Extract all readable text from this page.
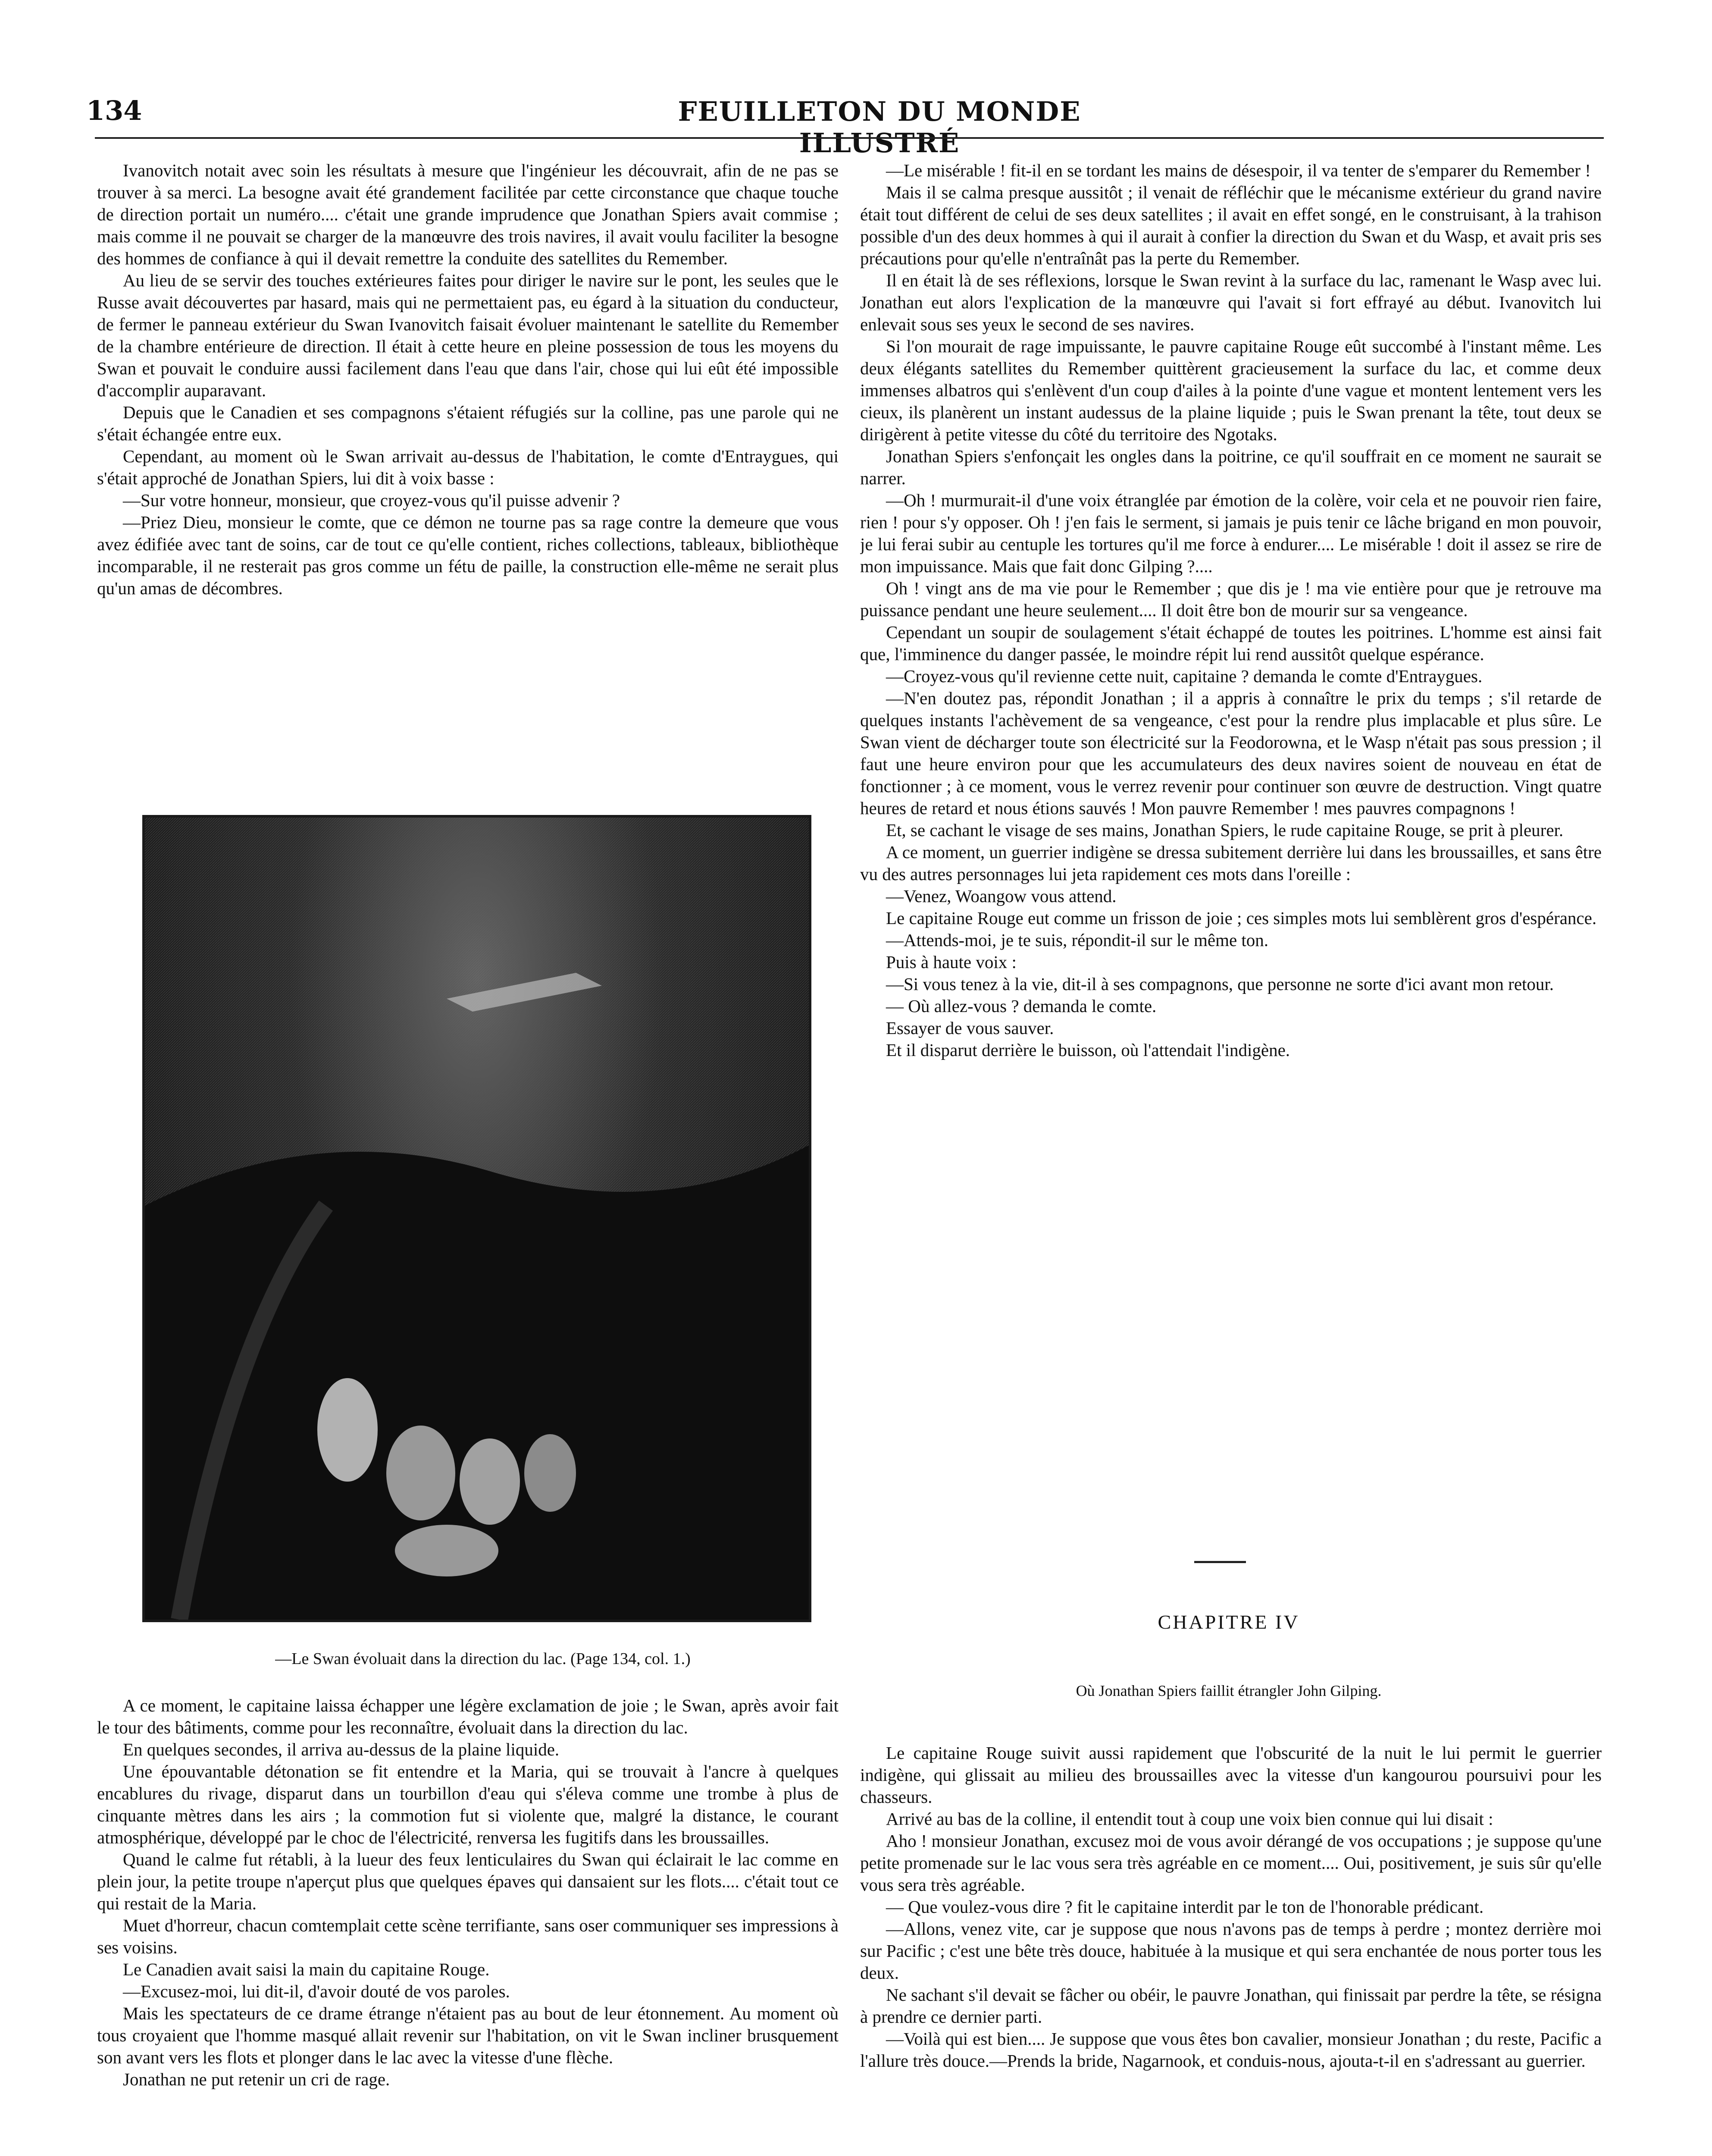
134	FEUILLETON DU MONDE ILLUSTRÉ

Ivanovitch notait avec soin les résultats à mesure que l'ingénieur les découvrait, afin de ne pas se trouver à sa merci. La besogne avait été grandement facilitée par cette circonstance que chaque touche de direction portait un numéro.... c'était une grande imprudence que Jonathan Spiers avait commise ; mais comme il ne pouvait se charger de la manœuvre des trois navires, il avait voulu faciliter la besogne des hommes de confiance à qui il devait remettre la conduite des satellites du Remember.

Au lieu de se servir des touches extérieures faites pour diriger le navire sur le pont, les seules que le Russe avait découvertes par hasard, mais qui ne permettaient pas, eu égard à la situation du conducteur, de fermer le panneau extérieur du Swan Ivanovitch faisait évoluer maintenant le satellite du Remember de la chambre entérieure de direction. Il était à cette heure en pleine possession de tous les moyens du Swan et pouvait le conduire aussi facilement dans l'eau que dans l'air, chose qui lui eût été impossible d'accomplir auparavant.

Depuis que le Canadien et ses compagnons s'étaient réfugiés sur la colline, pas une parole qui ne s'était échangée entre eux.

Cependant, au moment où le Swan arrivait au-dessus de l'habitation, le comte d'Entraygues, qui s'était approché de Jonathan Spiers, lui dit à voix basse :

—Sur votre honneur, monsieur, que croyez-vous qu'il puisse advenir ?

—Priez Dieu, monsieur le comte, que ce démon ne tourne pas sa rage contre la demeure que vous avez édifiée avec tant de soins, car de tout ce qu'elle contient, riches collections, tableaux, bibliothèque incomparable, il ne resterait pas gros comme un fétu de paille, la construction elle-même ne serait plus qu'un amas de décombres.

—Le Swan évoluait dans la direction du lac. (Page 134, col. 1.)

A ce moment, le capitaine laissa échapper une légère exclamation de joie ; le Swan, après avoir fait le tour des bâtiments, comme pour les reconnaître, évoluait dans la direction du lac.

En quelques secondes, il arriva au-dessus de la plaine liquide.

Une épouvantable détonation se fit entendre et la Maria, qui se trouvait à l'ancre à quelques encablures du rivage, disparut dans un tourbillon d'eau qui s'éleva comme une trombe à plus de cinquante mètres dans les airs ; la commotion fut si violente que, malgré la distance, le courant atmosphérique, développé par le choc de l'électricité, renversa les fugitifs dans les broussailles.

Quand le calme fut rétabli, à la lueur des feux lenticulaires du Swan qui éclairait le lac comme en plein jour, la petite troupe n'aperçut plus que quelques épaves qui dansaient sur les flots.... c'était tout ce qui restait de la Maria.

Muet d'horreur, chacun comtemplait cette scène terrifiante, sans oser communiquer ses impressions à ses voisins.

Le Canadien avait saisi la main du capitaine Rouge.

—Excusez-moi, lui dit-il, d'avoir douté de vos paroles.

Mais les spectateurs de ce drame étrange n'étaient pas au bout de leur étonnement. Au moment où tous croyaient que l'homme masqué allait revenir sur l'habitation, on vit le Swan incliner brusquement son avant vers les flots et plonger dans le lac avec la vitesse d'une flèche.

Jonathan ne put retenir un cri de rage.

—Le misérable ! fit-il en se tordant les mains de désespoir, il va tenter de s'emparer du Remember !

Mais il se calma presque aussitôt ; il venait de réfléchir que le mécanisme extérieur du grand navire était tout différent de celui de ses deux satellites ; il avait en effet songé, en le construisant, à la trahison possible d'un des deux hommes à qui il aurait à confier la direction du Swan et du Wasp, et avait pris ses précautions pour qu'elle n'entraînât pas la perte du Remember.

Il en était là de ses réflexions, lorsque le Swan revint à la surface du lac, ramenant le Wasp avec lui. Jonathan eut alors l'explication de la manœuvre qui l'avait si fort effrayé au début. Ivanovitch lui enlevait sous ses yeux le second de ses navires.

Si l'on mourait de rage impuissante, le pauvre capitaine Rouge eût succombé à l'instant même. Les deux élégants satellites du Remember quittèrent gracieusement la surface du lac, et comme deux immenses albatros qui s'enlèvent d'un coup d'ailes à la pointe d'une vague et montent lentement vers les cieux, ils planèrent un instant audessus de la plaine liquide ; puis le Swan prenant la tête, tout deux se dirigèrent à petite vitesse du côté du territoire des Ngotaks.

Jonathan Spiers s'enfonçait les ongles dans la poitrine, ce qu'il souffrait en ce moment ne saurait se narrer.

—Oh ! murmurait-il d'une voix étranglée par émotion de la colère, voir cela et ne pouvoir rien faire, rien ! pour s'y opposer. Oh ! j'en fais le serment, si jamais je puis tenir ce lâche brigand en mon pouvoir, je lui ferai subir au centuple les tortures qu'il me force à endurer.... Le misérable ! doit il assez se rire de mon impuissance. Mais que fait donc Gilping ?....

Oh ! vingt ans de ma vie pour le Remember ; que dis je ! ma vie entière pour que je retrouve ma puissance pendant une heure seulement.... Il doit être bon de mourir sur sa vengeance.

Cependant un soupir de soulagement s'était échappé de toutes les poitrines. L'homme est ainsi fait que, l'imminence du danger passée, le moindre répit lui rend aussitôt quelque espérance.

—Croyez-vous qu'il revienne cette nuit, capitaine ? demanda le comte d'Entraygues.

—N'en doutez pas, répondit Jonathan ; il a appris à connaître le prix du temps ; s'il retarde de quelques instants l'achèvement de sa vengeance, c'est pour la rendre plus implacable et plus sûre. Le Swan vient de décharger toute son électricité sur la Feodorowna, et le Wasp n'était pas sous pression ; il faut une heure environ pour que les accumulateurs des deux navires soient de nouveau en état de fonctionner ; à ce moment, vous le verrez revenir pour continuer son œuvre de destruction. Vingt quatre heures de retard et nous étions sauvés ! Mon pauvre Remember ! mes pauvres compagnons !

Et, se cachant le visage de ses mains, Jonathan Spiers, le rude capitaine Rouge, se prit à pleurer.

A ce moment, un guerrier indigène se dressa subitement derrière lui dans les broussailles, et sans être vu des autres personnages lui jeta rapidement ces mots dans l'oreille :

—Venez, Woangow vous attend.

Le capitaine Rouge eut comme un frisson de joie ; ces simples mots lui semblèrent gros d'espérance.

—Attends-moi, je te suis, répondit-il sur le même ton.

Puis à haute voix :

—Si vous tenez à la vie, dit-il à ses compagnons, que personne ne sorte d'ici avant mon retour.

— Où allez-vous ? demanda le comte.

Essayer de vous sauver.

Et il disparut derrière le buisson, où l'attendait l'indigène.

CHAPITRE IV
Où Jonathan Spiers faillit étrangler John Gilping.

Le capitaine Rouge suivit aussi rapidement que l'obscurité de la nuit le lui permit le guerrier indigène, qui glissait au milieu des broussailles avec la vitesse d'un kangourou poursuivi pour les chasseurs.

Arrivé au bas de la colline, il entendit tout à coup une voix bien connue qui lui disait :

Aho ! monsieur Jonathan, excusez moi de vous avoir dérangé de vos occupations ; je suppose qu'une petite promenade sur le lac vous sera très agréable en ce moment.... Oui, positivement, je suis sûr qu'elle vous sera très agréable.

— Que voulez-vous dire ? fit le capitaine interdit par le ton de l'honorable prédicant.

—Allons, venez vite, car je suppose que nous n'avons pas de temps à perdre ; montez derrière moi sur Pacific ; c'est une bête très douce, habituée à la musique et qui sera enchantée de nous porter tous les deux.

Ne sachant s'il devait se fâcher ou obéir, le pauvre Jonathan, qui finissait par perdre la tête, se résigna à prendre ce dernier parti.

—Voilà qui est bien.... Je suppose que vous êtes bon cavalier, monsieur Jonathan ; du reste, Pacific a l'allure très douce.—Prends la bride, Nagarnook, et conduis-nous, ajouta-t-il en s'adressant au guerrier.
